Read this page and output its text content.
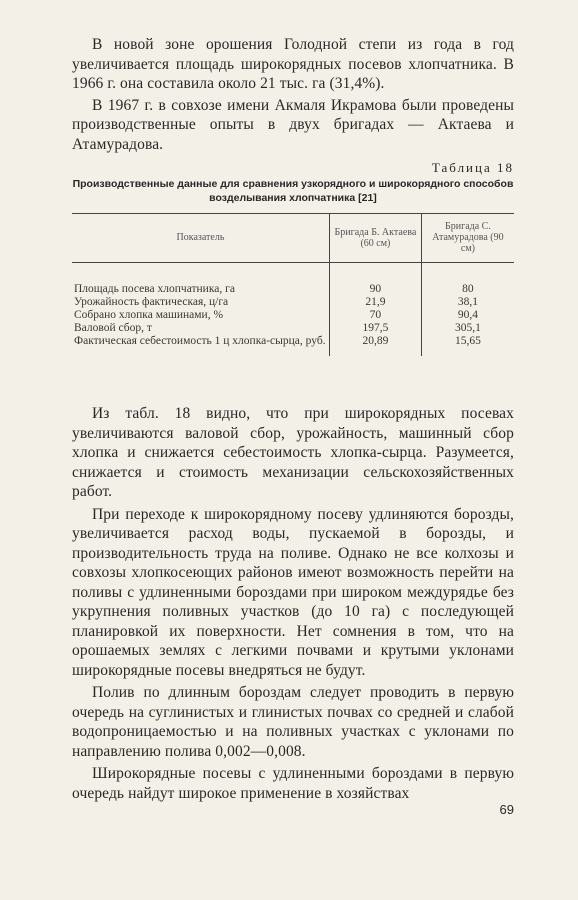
В новой зоне орошения Голодной степи из года в год увеличивается площадь широкорядных посевов хлопчатника. В 1966 г. она составила около 21 тыс. га (31,4%).

В 1967 г. в совхозе имени Акмаля Икрамова были проведены производственные опыты в двух бригадах — Актаева и Атамурадова.

Таблица 18
Производственные данные для сравнения узкорядного и широкорядного способов возделывания хлопчатника [21]
Показатель	Бригада Б. Актаева (60 см)	Бригада С. Атамурадова (90 см)
Площадь посева хлопчатника, га	90	80
Урожайность фактическая, ц/га	21,9	38,1
Собрано хлопка машинами, %	70	90,4
Валовой сбор, т	197,5	305,1
Фактическая себестоимость 1 ц хлопка-сырца, руб.	20,89	15,65

Из табл. 18 видно, что при широкорядных посевах увеличиваются валовой сбор, урожайность, машинный сбор хлопка и снижается себестоимость хлопка-сырца. Разумеется, снижается и стоимость механизации сельскохозяйственных работ.

При переходе к широкорядному посеву удлиняются борозды, увеличивается расход воды, пускаемой в борозды, и производительность труда на поливе. Однако не все колхозы и совхозы хлопкосеющих районов имеют возможность перейти на поливы с удлиненными бороздами при широком междурядье без укрупнения поливных участков (до 10 га) с последующей планировкой их поверхности. Нет сомнения в том, что на орошаемых землях с легкими почвами и крутыми уклонами широкорядные посевы внедряться не будут.

Полив по длинным бороздам следует проводить в первую очередь на суглинистых и глинистых почвах со средней и слабой водопроницаемостью и на поливных участках с уклонами по направлению полива 0,002—0,008.

Широкорядные посевы с удлиненными бороздами в первую очередь найдут широкое применение в хозяйствах

69
